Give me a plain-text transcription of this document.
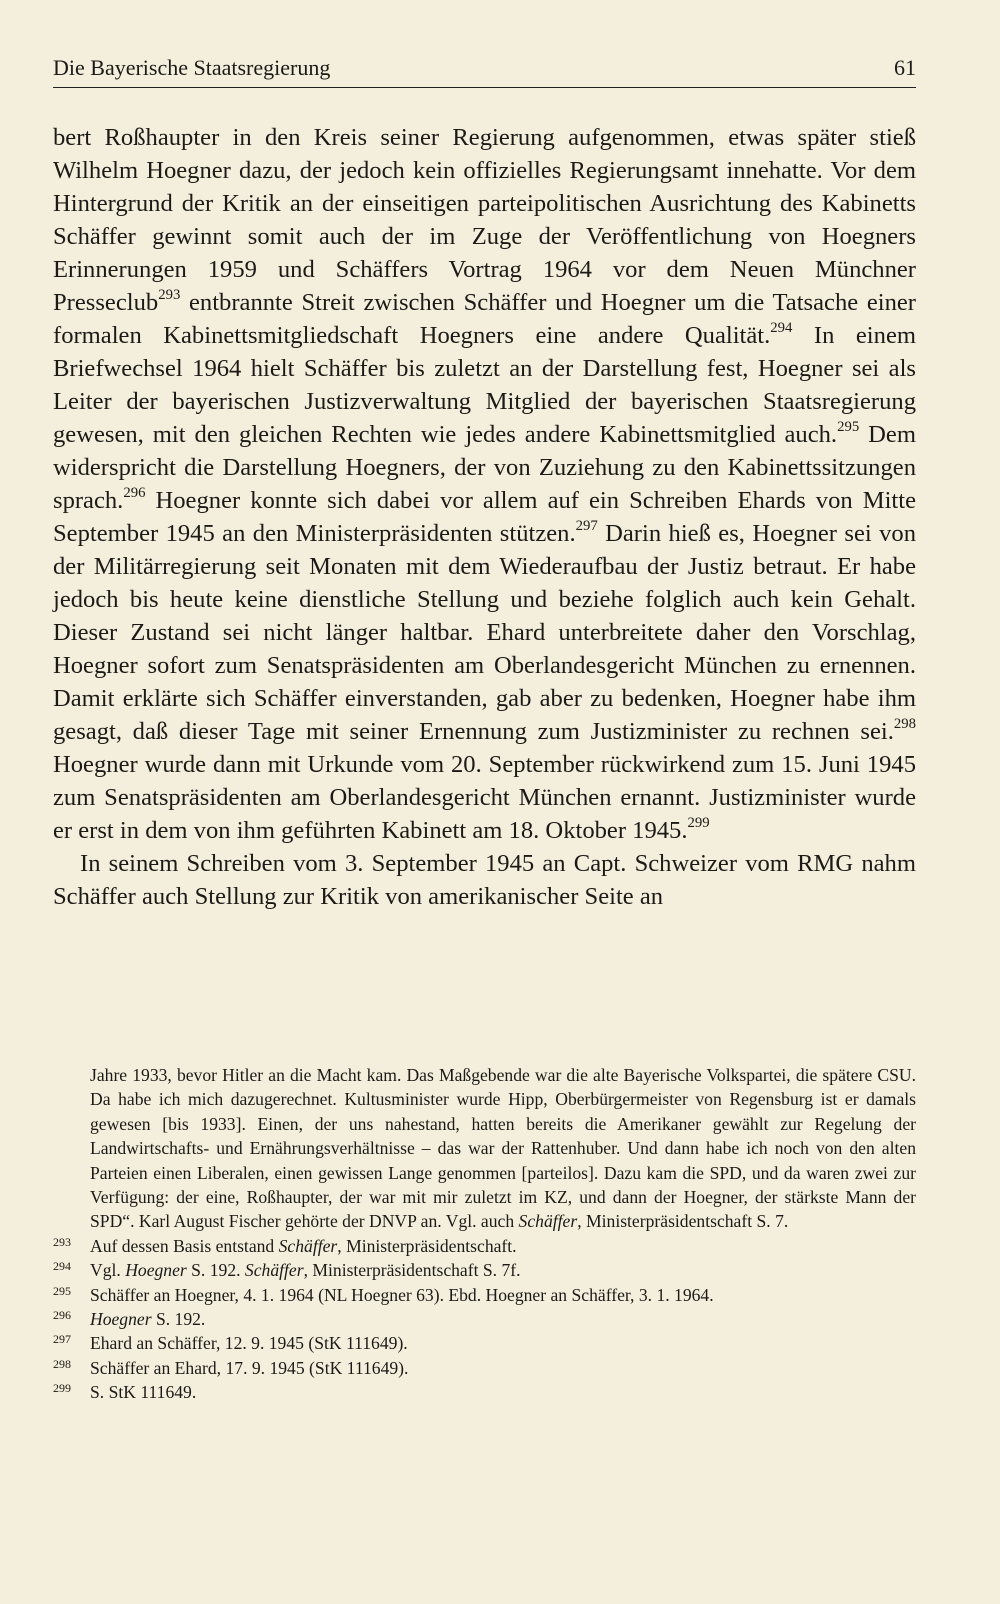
Die Bayerische Staatsregierung	61

bert Roßhaupter in den Kreis seiner Regierung aufgenommen, etwas später stieß Wilhelm Hoegner dazu, der jedoch kein offizielles Regierungsamt innehatte. Vor dem Hintergrund der Kritik an der einseitigen parteipolitischen Ausrichtung des Kabinetts Schäffer gewinnt somit auch der im Zuge der Veröffentlichung von Hoegners Erinnerungen 1959 und Schäffers Vortrag 1964 vor dem Neuen Münchner Presseclub$^{293}$ entbrannte Streit zwischen Schäffer und Hoegner um die Tatsache einer formalen Kabinettsmitgliedschaft Hoegners eine andere Qualität.$^{294}$ In einem Briefwechsel 1964 hielt Schäffer bis zuletzt an der Darstellung fest, Hoegner sei als Leiter der bayerischen Justizverwaltung Mitglied der bayerischen Staatsregierung gewesen, mit den gleichen Rechten wie jedes andere Kabinettsmitglied auch.$^{295}$ Dem widerspricht die Darstellung Hoegners, der von Zuziehung zu den Kabinettssitzungen sprach.$^{296}$ Hoegner konnte sich dabei vor allem auf ein Schreiben Ehards von Mitte September 1945 an den Ministerpräsidenten stützen.$^{297}$ Darin hieß es, Hoegner sei von der Militärregierung seit Monaten mit dem Wiederaufbau der Justiz betraut. Er habe jedoch bis heute keine dienstliche Stellung und beziehe folglich auch kein Gehalt. Dieser Zustand sei nicht länger haltbar. Ehard unterbreitete daher den Vorschlag, Hoegner sofort zum Senatspräsidenten am Oberlandesgericht München zu ernennen. Damit erklärte sich Schäffer einverstanden, gab aber zu bedenken, Hoegner habe ihm gesagt, daß dieser Tage mit seiner Ernennung zum Justizminister zu rechnen sei.$^{298}$ Hoegner wurde dann mit Urkunde vom 20. September rückwirkend zum 15. Juni 1945 zum Senatspräsidenten am Oberlandesgericht München ernannt. Justizminister wurde er erst in dem von ihm geführten Kabinett am 18. Oktober 1945.$^{299}$

In seinem Schreiben vom 3. September 1945 an Capt. Schweizer vom RMG nahm Schäffer auch Stellung zur Kritik von amerikanischer Seite an

Jahre 1933, bevor Hitler an die Macht kam. Das Maßgebende war die alte Bayerische Volkspartei, die spätere CSU. Da habe ich mich dazugerechnet. Kultusminister wurde Hipp, Oberbürgermeister von Regensburg ist er damals gewesen [bis 1933]. Einen, der uns nahestand, hatten bereits die Amerikaner gewählt zur Regelung der Landwirtschafts- und Ernährungsverhältnisse – das war der Rattenhuber. Und dann habe ich noch von den alten Parteien einen Liberalen, einen gewissen Lange genommen [parteilos]. Dazu kam die SPD, und da waren zwei zur Verfügung: der eine, Roßhaupter, der war mit mir zuletzt im KZ, und dann der Hoegner, der stärkste Mann der SPD“. Karl August Fischer gehörte der DNVP an. Vgl. auch Schäffer, Ministerpräsidentschaft S. 7.

293	Auf dessen Basis entstand Schäffer, Ministerpräsidentschaft.
294	Vgl. Hoegner S. 192. Schäffer, Ministerpräsidentschaft S. 7f.
295	Schäffer an Hoegner, 4. 1. 1964 (NL Hoegner 63). Ebd. Hoegner an Schäffer, 3. 1. 1964.
296	Hoegner S. 192.
297	Ehard an Schäffer, 12. 9. 1945 (StK 111649).
298	Schäffer an Ehard, 17. 9. 1945 (StK 111649).
299	S. StK 111649.
